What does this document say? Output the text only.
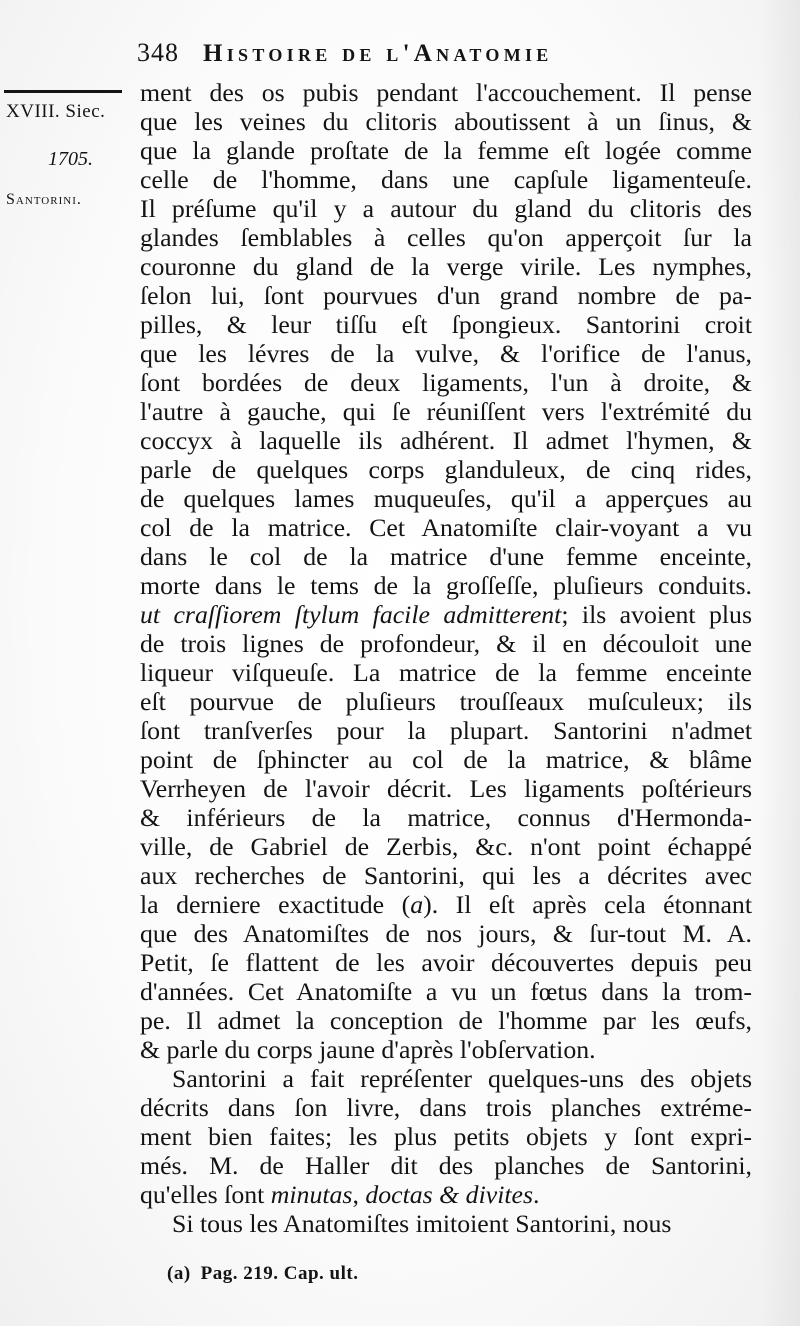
348 Histoire de l'Anatomie
XVIII. Siec.
1705.
Santorini.
ment des os pubis pendant l'accouchement. Il pense
que les veines du clitoris aboutissent à un ſinus, &
que la glande proſtate de la femme eſt logée comme
celle de l'homme, dans une capſule ligamenteuſe.
Il préſume qu'il y a autour du gland du clitoris des
glandes ſemblables à celles qu'on apperçoit ſur la
couronne du gland de la verge virile. Les nymphes,
ſelon lui, ſont pourvues d'un grand nombre de pa-
pilles, & leur tiſſu eſt ſpongieux. Santorini croit
que les lévres de la vulve, & l'orifice de l'anus,
ſont bordées de deux ligaments, l'un à droite, &
l'autre à gauche, qui ſe réuniſſent vers l'extrémité du
coccyx à laquelle ils adhérent. Il admet l'hymen, &
parle de quelques corps glanduleux, de cinq rides,
de quelques lames muqueuſes, qu'il a apperçues au
col de la matrice. Cet Anatomiſte clair-voyant a vu
dans le col de la matrice d'une femme enceinte,
morte dans le tems de la groſſeſſe, pluſieurs conduits.
ut craſſiorem ſtylum facile admitterent; ils avoient plus
de trois lignes de profondeur, & il en découloit une
liqueur viſqueuſe. La matrice de la femme enceinte
eſt pourvue de pluſieurs trouſſeaux muſculeux; ils
ſont tranſverſes pour la plupart. Santorini n'admet
point de ſphincter au col de la matrice, & blâme
Verrheyen de l'avoir décrit. Les ligaments poſtérieurs
& inférieurs de la matrice, connus d'Hermonda-
ville, de Gabriel de Zerbis, &c. n'ont point échappé
aux recherches de Santorini, qui les a décrites avec
la derniere exactitude (a). Il eſt après cela étonnant
que des Anatomiſtes de nos jours, & ſur-tout M. A.
Petit, ſe flattent de les avoir découvertes depuis peu
d'années. Cet Anatomiſte a vu un fœtus dans la trom-
pe. Il admet la conception de l'homme par les œufs,
& parle du corps jaune d'après l'obſervation.
Santorini a fait repréſenter quelques-uns des objets
décrits dans ſon livre, dans trois planches extréme-
ment bien faites; les plus petits objets y ſont expri-
més. M. de Haller dit des planches de Santorini,
qu'elles ſont minutas, doctas & divites.
Si tous les Anatomiſtes imitoient Santorini, nous
(a) Pag. 219. Cap. ult.
